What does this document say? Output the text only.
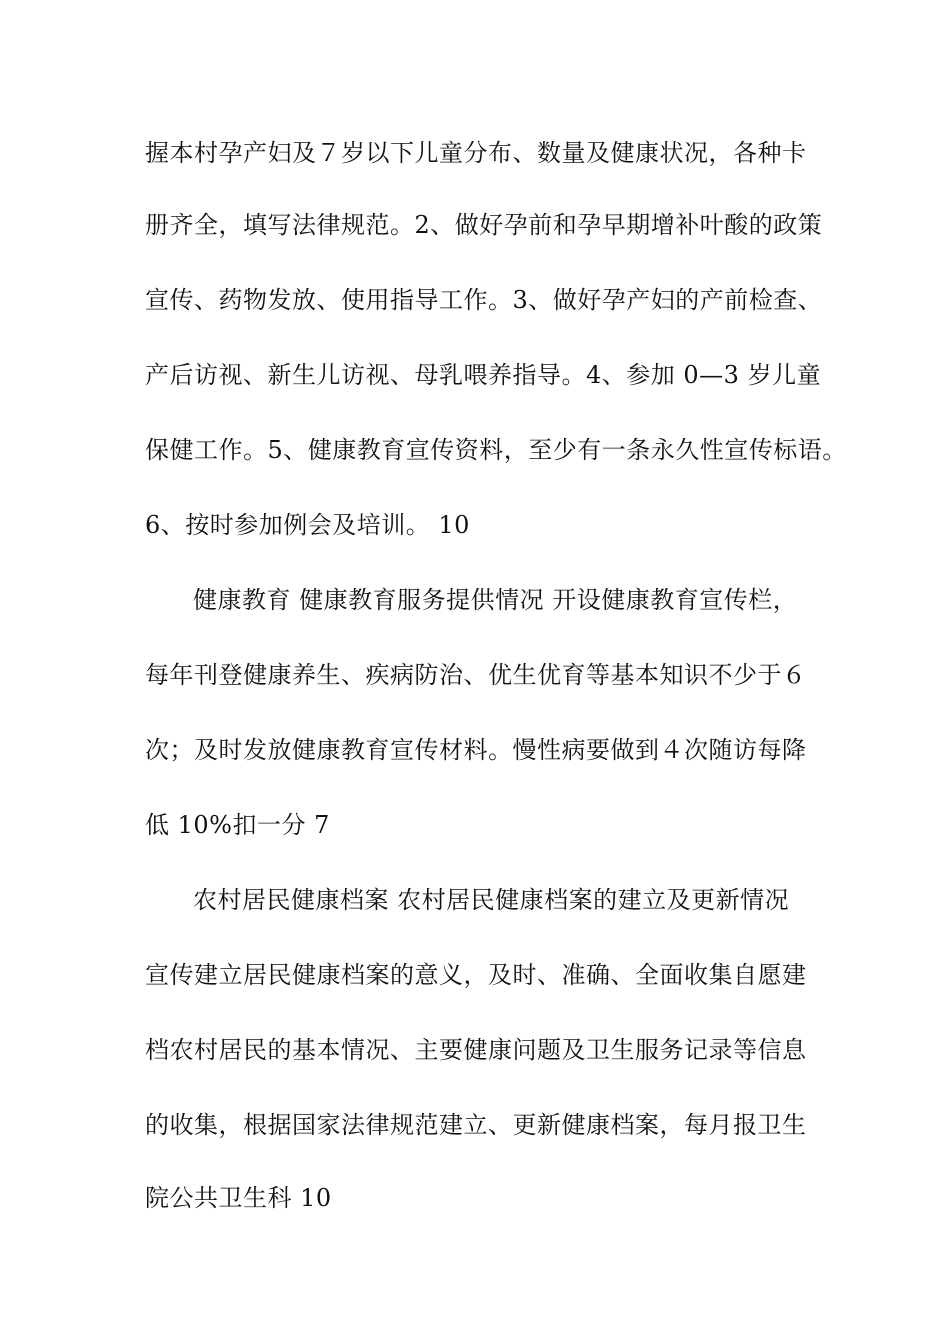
握本村孕产妇及７岁以下儿童分布、数量及健康状况，各种卡
册齐全，填写法律规范。2、做好孕前和孕早期增补叶酸的政策
宣传、药物发放、使用指导工作。3、做好孕产妇的产前检查、
产后访视、新生儿访视、母乳喂养指导。4、参加 0—3 岁儿童
保健工作。5、健康教育宣传资料，至少有一条永久性宣传标语。
6、按时参加例会及培训。 10
健康教育 健康教育服务提供情况 开设健康教育宣传栏，
每年刊登健康养生、疾病防治、优生优育等基本知识不少于６
次；及时发放健康教育宣传材料。慢性病要做到４次随访每降
低 10%扣一分 7
农村居民健康档案 农村居民健康档案的建立及更新情况
宣传建立居民健康档案的意义，及时、准确、全面收集自愿建
档农村居民的基本情况、主要健康问题及卫生服务记录等信息
的收集，根据国家法律规范建立、更新健康档案，每月报卫生
院公共卫生科 10
